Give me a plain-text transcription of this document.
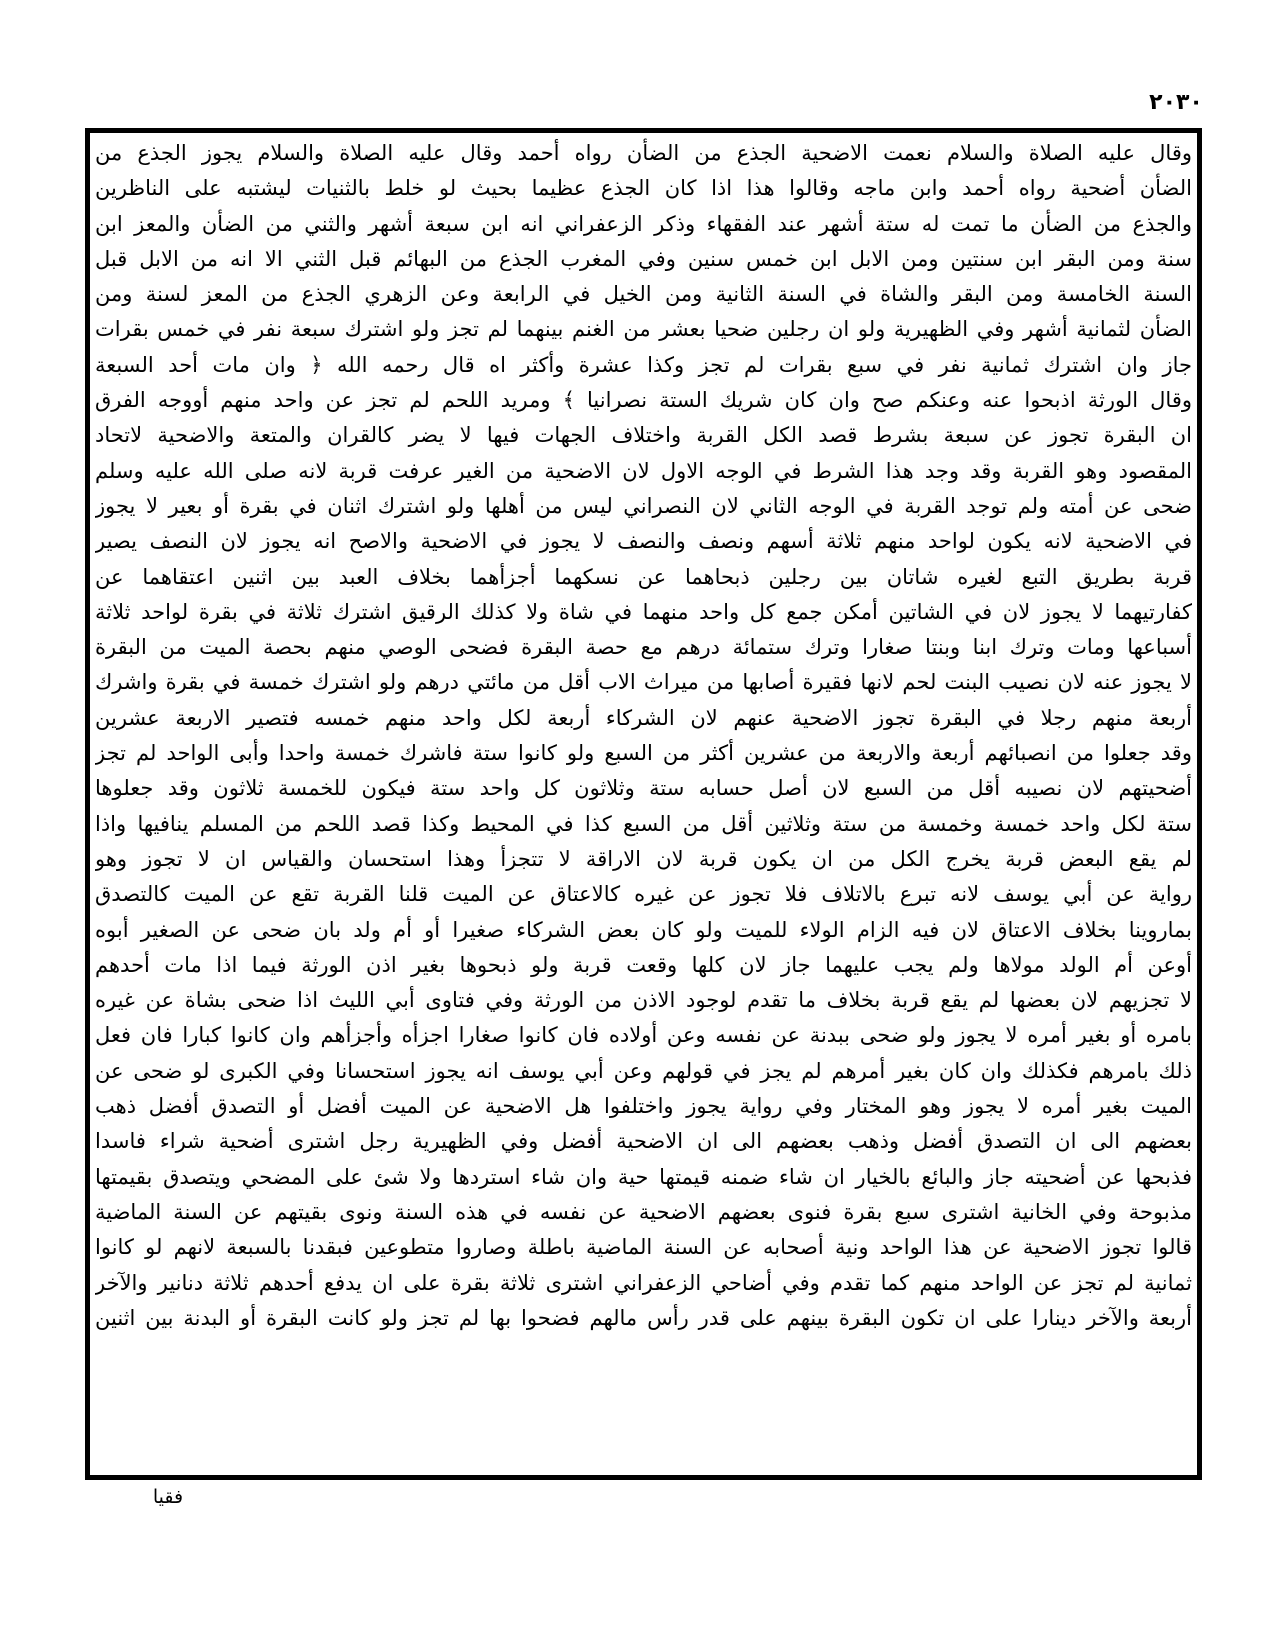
٢٠٣٠
وقال عليه الصلاة والسلام نعمت الاضحية الجذع من الضأن رواه أحمد وقال عليه الصلاة والسلام يجوز الجذع من
الضأن أضحية رواه أحمد وابن ماجه وقالوا هذا اذا كان الجذع عظيما بحيث لو خلط بالثنيات ليشتبه على الناظرين
والجذع من الضأن ما تمت له ستة أشهر عند الفقهاء وذكر الزعفراني انه ابن سبعة أشهر والثني من الضأن والمعز ابن
سنة ومن البقر ابن سنتين ومن الابل ابن خمس سنين وفي المغرب الجذع من البهائم قبل الثني الا انه من الابل قبل
السنة الخامسة ومن البقر والشاة في السنة الثانية ومن الخيل في الرابعة وعن الزهري الجذع من المعز لسنة ومن
الضأن لثمانية أشهر وفي الظهيرية ولو ان رجلين ضحيا بعشر من الغنم بينهما لم تجز ولو اشترك سبعة نفر في خمس بقرات
جاز وان اشترك ثمانية نفر في سبع بقرات لم تجز وكذا عشرة وأكثر اه قال رحمه الله ﴿ وان مات أحد السبعة
وقال الورثة اذبحوا عنه وعنكم صح وان كان شريك الستة نصرانيا ﴾ ومريد اللحم لم تجز عن واحد منهم أووجه الفرق
ان البقرة تجوز عن سبعة بشرط قصد الكل القربة واختلاف الجهات فيها لا يضر كالقران والمتعة والاضحية لاتحاد
المقصود وهو القربة وقد وجد هذا الشرط في الوجه الاول لان الاضحية من الغير عرفت قربة لانه صلى الله عليه وسلم
ضحى عن أمته ولم توجد القربة في الوجه الثاني لان النصراني ليس من أهلها ولو اشترك اثنان في بقرة أو بعير لا يجوز
في الاضحية لانه يكون لواحد منهم ثلاثة أسهم ونصف والنصف لا يجوز في الاضحية والاصح انه يجوز لان النصف يصير
قربة بطريق التبع لغيره شاتان بين رجلين ذبحاهما عن نسكهما أجزأهما بخلاف العبد بين اثنين اعتقاهما عن
كفارتيهما لا يجوز لان في الشاتين أمكن جمع كل واحد منهما في شاة ولا كذلك الرقيق اشترك ثلاثة في بقرة لواحد ثلاثة
أسباعها ومات وترك ابنا وبنتا صغارا وترك ستمائة درهم مع حصة البقرة فضحى الوصي منهم بحصة الميت من البقرة
لا يجوز عنه لان نصيب البنت لحم لانها فقيرة أصابها من ميراث الاب أقل من مائتي درهم ولو اشترك خمسة في بقرة واشرك
أربعة منهم رجلا في البقرة تجوز الاضحية عنهم لان الشركاء أربعة لكل واحد منهم خمسه فتصير الاربعة عشرين
وقد جعلوا من انصبائهم أربعة والاربعة من عشرين أكثر من السبع ولو كانوا ستة فاشرك خمسة واحدا وأبى الواحد لم تجز
أضحيتهم لان نصيبه أقل من السبع لان أصل حسابه ستة وثلاثون كل واحد ستة فيكون للخمسة ثلاثون وقد جعلوها
ستة لكل واحد خمسة وخمسة من ستة وثلاثين أقل من السبع كذا في المحيط وكذا قصد اللحم من المسلم ينافيها واذا
لم يقع البعض قربة يخرج الكل من ان يكون قربة لان الاراقة لا تتجزأ وهذا استحسان والقياس ان لا تجوز وهو
رواية عن أبي يوسف لانه تبرع بالاتلاف فلا تجوز عن غيره كالاعتاق عن الميت قلنا القربة تقع عن الميت كالتصدق
بماروينا بخلاف الاعتاق لان فيه الزام الولاء للميت ولو كان بعض الشركاء صغيرا أو أم ولد بان ضحى عن الصغير أبوه
أوعن أم الولد مولاها ولم يجب عليهما جاز لان كلها وقعت قربة ولو ذبحوها بغير اذن الورثة فيما اذا مات أحدهم
لا تجزيهم لان بعضها لم يقع قربة بخلاف ما تقدم لوجود الاذن من الورثة وفي فتاوى أبي الليث اذا ضحى بشاة عن غيره
بامره أو بغير أمره لا يجوز ولو ضحى ببدنة عن نفسه وعن أولاده فان كانوا صغارا اجزأه وأجزأهم وان كانوا كبارا فان فعل
ذلك بامرهم فكذلك وان كان بغير أمرهم لم يجز في قولهم وعن أبي يوسف انه يجوز استحسانا وفي الكبرى لو ضحى عن
الميت بغير أمره لا يجوز وهو المختار وفي رواية يجوز واختلفوا هل الاضحية عن الميت أفضل أو التصدق أفضل ذهب
بعضهم الى ان التصدق أفضل وذهب بعضهم الى ان الاضحية أفضل وفي الظهيرية رجل اشترى أضحية شراء فاسدا
فذبحها عن أضحيته جاز والبائع بالخيار ان شاء ضمنه قيمتها حية وان شاء استردها ولا شئ على المضحي ويتصدق بقيمتها
مذبوحة وفي الخانية اشترى سبع بقرة فنوى بعضهم الاضحية عن نفسه في هذه السنة ونوى بقيتهم عن السنة الماضية
قالوا تجوز الاضحية عن هذا الواحد ونية أصحابه عن السنة الماضية باطلة وصاروا متطوعين فبقدنا بالسبعة لانهم لو كانوا
ثمانية لم تجز عن الواحد منهم كما تقدم وفي أضاحي الزعفراني اشترى ثلاثة بقرة على ان يدفع أحدهم ثلاثة دنانير والآخر
أربعة والآخر دينارا على ان تكون البقرة بينهم على قدر رأس مالهم فضحوا بها لم تجز ولو كانت البقرة أو البدنة بين اثنين
فقيا
